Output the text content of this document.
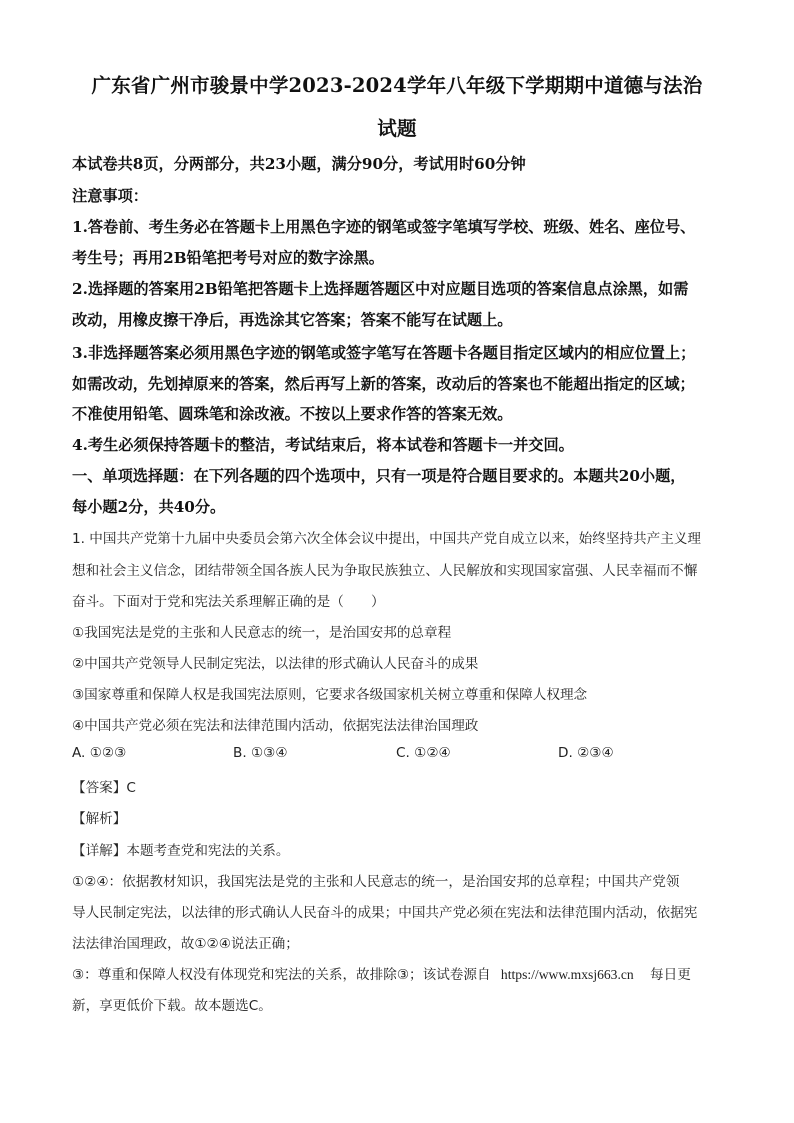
广东省广州市骏景中学2023-2024学年八年级下学期期中道德与法治
试题
本试卷共8页，分两部分，共23小题，满分90分，考试用时60分钟
注意事项：
1.答卷前、考生务必在答题卡上用黑色字迹的钢笔或签字笔填写学校、班级、姓名、座位号、
考生号；再用2B铅笔把考号对应的数字涂黑。
2.选择题的答案用2B铅笔把答题卡上选择题答题区中对应题目选项的答案信息点涂黑，如需
改动，用橡皮擦干净后，再选涂其它答案；答案不能写在试题上。
3.非选择题答案必须用黑色字迹的钢笔或签字笔写在答题卡各题目指定区域内的相应位置上；
如需改动，先划掉原来的答案，然后再写上新的答案，改动后的答案也不能超出指定的区域；
不准使用铅笔、圆珠笔和涂改液。不按以上要求作答的答案无效。
4.考生必须保持答题卡的整洁，考试结束后，将本试卷和答题卡一并交回。
一、单项选择题：在下列各题的四个选项中，只有一项是符合题目要求的。本题共20小题，
每小题2分，共40分。
1. 中国共产党第十九届中央委员会第六次全体会议中提出，中国共产党自成立以来，始终坚持共产主义理
想和社会主义信念，团结带领全国各族人民为争取民族独立、人民解放和实现国家富强、人民幸福而不懈
奋斗。下面对于党和宪法关系理解正确的是（　　）
①我国宪法是党的主张和人民意志的统一，是治国安邦的总章程
②中国共产党领导人民制定宪法，以法律的形式确认人民奋斗的成果
③国家尊重和保障人权是我国宪法原则，它要求各级国家机关树立尊重和保障人权理念
④中国共产党必须在宪法和法律范围内活动，依据宪法法律治国理政
A. ①②③	B. ①③④	C. ①②④	D. ②③④
【答案】C
【解析】
【详解】本题考查党和宪法的关系。
①②④：依据教材知识，我国宪法是党的主张和人民意志的统一，是治国安邦的总章程；中国共产党领
导人民制定宪法，以法律的形式确认人民奋斗的成果；中国共产党必须在宪法和法律范围内活动，依据宪
法法律治国理政，故①②④说法正确；
③：尊重和保障人权没有体现党和宪法的关系，故排除③；该试卷源自 https://www.mxsj663.cn 每日更
新，享更低价下载。故本题选C。
